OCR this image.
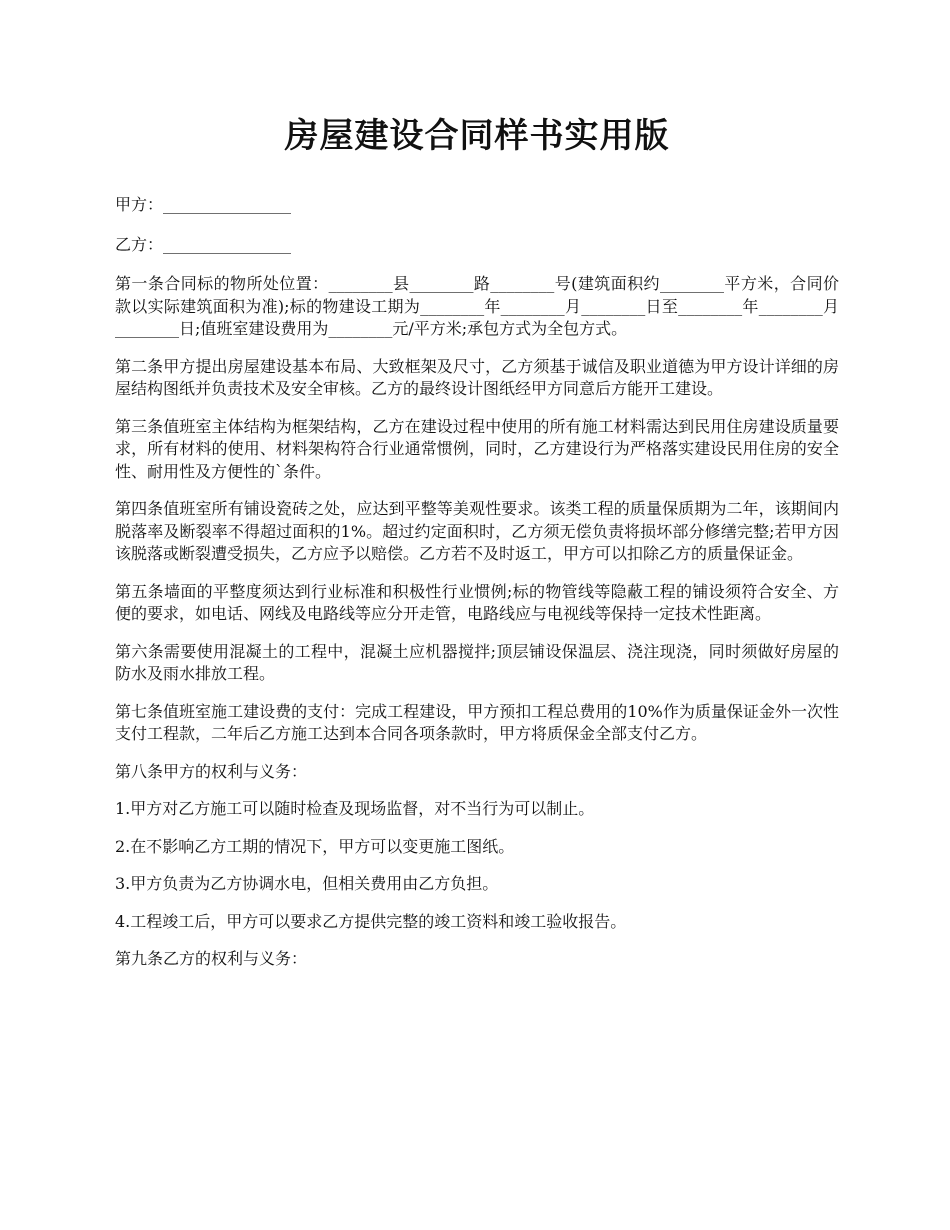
房屋建设合同样书实用版

甲方：________________

乙方：________________

第一条合同标的物所处位置：________县________路________号(建筑面积约________平方米，合同价款以实际建筑面积为准);标的物建设工期为________年________月________日至________年________月________日;值班室建设费用为________元/平方米;承包方式为全包方式。

第二条甲方提出房屋建设基本布局、大致框架及尺寸，乙方须基于诚信及职业道德为甲方设计详细的房屋结构图纸并负责技术及安全审核。乙方的最终设计图纸经甲方同意后方能开工建设。

第三条值班室主体结构为框架结构，乙方在建设过程中使用的所有施工材料需达到民用住房建设质量要求，所有材料的使用、材料架构符合行业通常惯例，同时，乙方建设行为严格落实建设民用住房的安全性、耐用性及方便性的`条件。

第四条值班室所有铺设瓷砖之处，应达到平整等美观性要求。该类工程的质量保质期为二年，该期间内脱落率及断裂率不得超过面积的1%。超过约定面积时，乙方须无偿负责将损坏部分修缮完整;若甲方因该脱落或断裂遭受损失，乙方应予以赔偿。乙方若不及时返工，甲方可以扣除乙方的质量保证金。

第五条墙面的平整度须达到行业标准和积极性行业惯例;标的物管线等隐蔽工程的铺设须符合安全、方便的要求，如电话、网线及电路线等应分开走管，电路线应与电视线等保持一定技术性距离。

第六条需要使用混凝土的工程中，混凝土应机器搅拌;顶层铺设保温层、浇注现浇，同时须做好房屋的防水及雨水排放工程。

第七条值班室施工建设费的支付：完成工程建设，甲方预扣工程总费用的10%作为质量保证金外一次性支付工程款，二年后乙方施工达到本合同各项条款时，甲方将质保金全部支付乙方。

第八条甲方的权利与义务：

1.甲方对乙方施工可以随时检查及现场监督，对不当行为可以制止。

2.在不影响乙方工期的情况下，甲方可以变更施工图纸。

3.甲方负责为乙方协调水电，但相关费用由乙方负担。

4.工程竣工后，甲方可以要求乙方提供完整的竣工资料和竣工验收报告。

第九条乙方的权利与义务：
